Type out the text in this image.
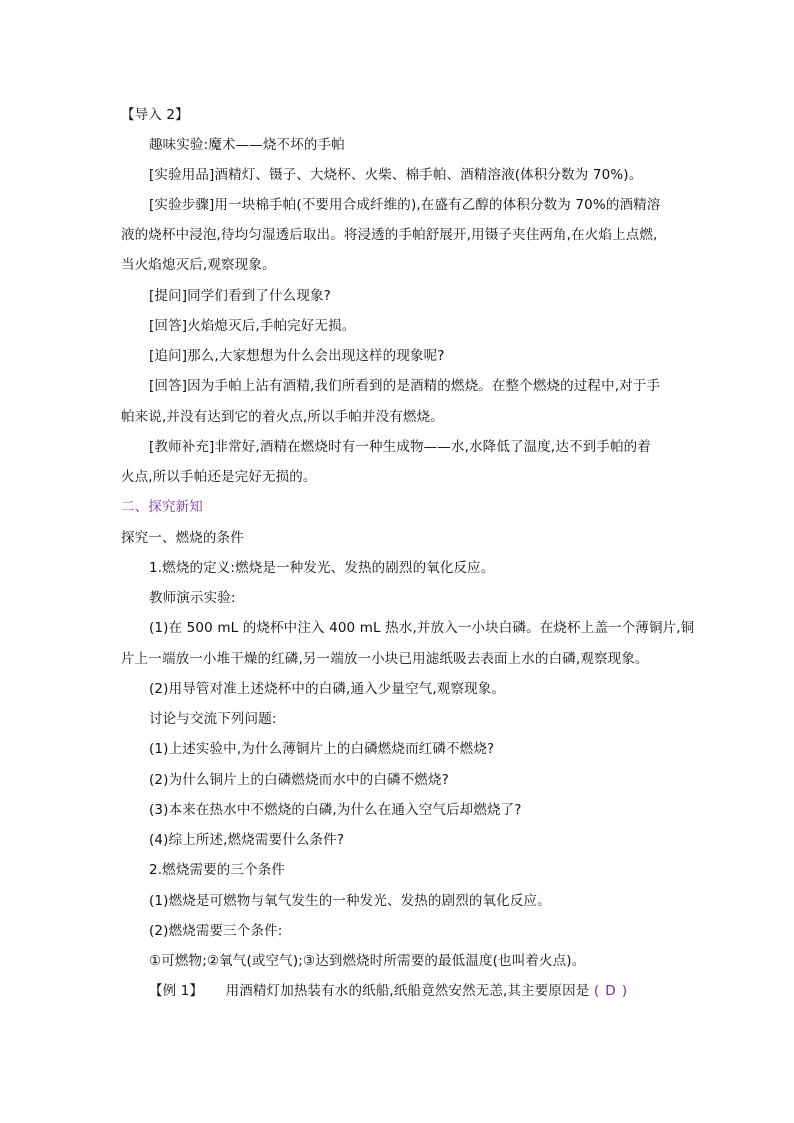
【导入 2】
趣味实验:魔术——烧不坏的手帕
[实验用品]酒精灯、镊子、大烧杯、火柴、棉手帕、酒精溶液(体积分数为 70%)。
[实验步骤]用一块棉手帕(不要用合成纤维的),在盛有乙醇的体积分数为 70%的酒精溶
液的烧杯中浸泡,待均匀湿透后取出。将浸透的手帕舒展开,用镊子夹住两角,在火焰上点燃,
当火焰熄灭后,观察现象。
[提问]同学们看到了什么现象?
[回答]火焰熄灭后,手帕完好无损。
[追问]那么,大家想想为什么会出现这样的现象呢?
[回答]因为手帕上沾有酒精,我们所看到的是酒精的燃烧。在整个燃烧的过程中,对于手
帕来说,并没有达到它的着火点,所以手帕并没有燃烧。
[教师补充]非常好,酒精在燃烧时有一种生成物——水,水降低了温度,达不到手帕的着
火点,所以手帕还是完好无损的。
二、探究新知
探究一、燃烧的条件
1.燃烧的定义:燃烧是一种发光、发热的剧烈的氧化反应。
教师演示实验:
(1)在 500 mL 的烧杯中注入 400 mL 热水,并放入一小块白磷。在烧杯上盖一个薄铜片,铜
片上一端放一小堆干燥的红磷,另一端放一小块已用滤纸吸去表面上水的白磷,观察现象。
(2)用导管对准上述烧杯中的白磷,通入少量空气,观察现象。
讨论与交流下列问题:
(1)上述实验中,为什么薄铜片上的白磷燃烧而红磷不燃烧?
(2)为什么铜片上的白磷燃烧而水中的白磷不燃烧?
(3)本来在热水中不燃烧的白磷,为什么在通入空气后却燃烧了?
(4)综上所述,燃烧需要什么条件?
2.燃烧需要的三个条件
(1)燃烧是可燃物与氧气发生的一种发光、发热的剧烈的氧化反应。
(2)燃烧需要三个条件:
①可燃物;②氧气(或空气);③达到燃烧时所需要的最低温度(也叫着火点)。
【例 1】 用酒精灯加热装有水的纸船,纸船竟然安然无恙,其主要原因是 ( D )
